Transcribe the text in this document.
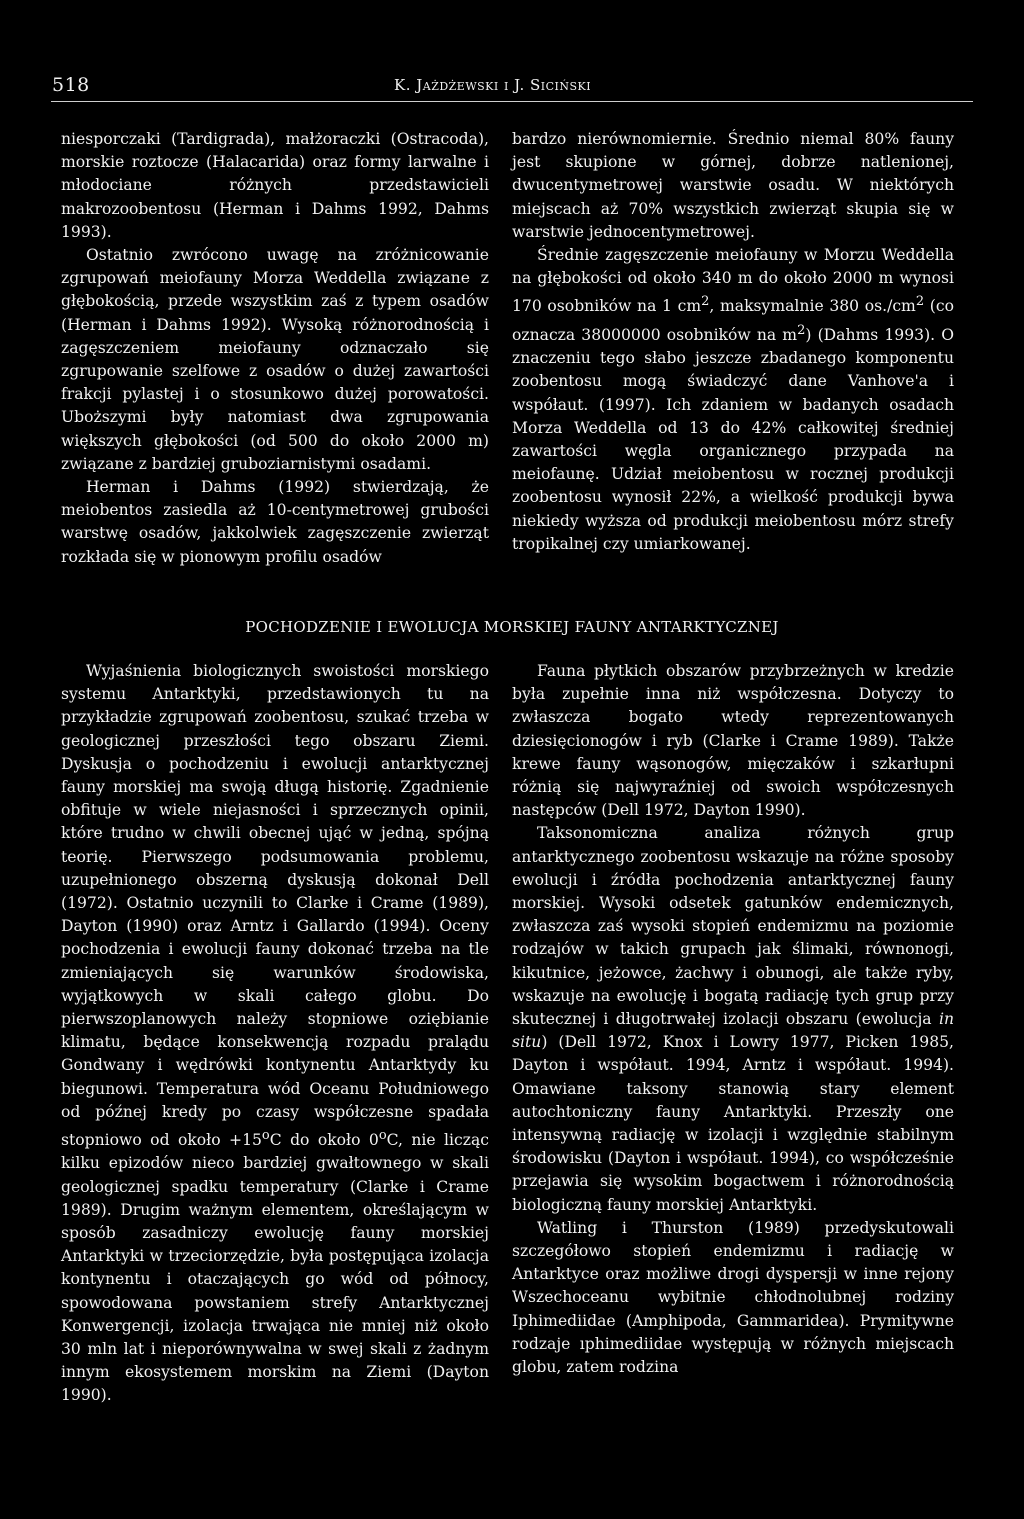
518	K. Jażdżewski i J. Siciński

niesporczaki (Tardigrada), małżoraczki (Ostracoda), morskie roztocze (Halacarida) oraz formy larwalne i młodociane różnych przedstawicieli makrozoobentosu (Herman i Dahms 1992, Dahms 1993).

Ostatnio zwrócono uwagę na zróżnicowanie zgrupowań meiofauny Morza Weddella związane z głębokością, przede wszystkim zaś z typem osadów (Herman i Dahms 1992). Wysoką różnorodnością i zagęszczeniem meiofauny odznaczało się zgrupowanie szelfowe z osadów o dużej zawartości frakcji pylastej i o stosunkowo dużej porowatości. Uboższymi były natomiast dwa zgrupowania większych głębokości (od 500 do około 2000 m) związane z bardziej gruboziarnistymi osadami.

Herman i Dahms (1992) stwierdzają, że meiobentos zasiedla aż 10-centymetrowej grubości warstwę osadów, jakkolwiek zagęszczenie zwierząt rozkłada się w pionowym profilu osadów

bardzo nierównomiernie. Średnio niemal 80% fauny jest skupione w górnej, dobrze natlenionej, dwucentymetrowej warstwie osadu. W niektórych miejscach aż 70% wszystkich zwierząt skupia się w warstwie jednocentymetrowej.

Średnie zagęszczenie meiofauny w Morzu Weddella na głębokości od około 340 m do około 2000 m wynosi 170 osobników na 1 $cm^2$, maksymalnie 380 $os./cm^2$ (co oznacza 38000000 osobników na $m^2$) (Dahms 1993). O znaczeniu tego słabo jeszcze zbadanego komponentu zoobentosu mogą świadczyć dane Vanhove'a i współaut. (1997). Ich zdaniem w badanych osadach Morza Weddella od 13 do 42% całkowitej średniej zawartości węgla organicznego przypada na meiofaunę. Udział meiobentosu w rocznej produkcji zoobentosu wynosił 22%, a wielkość produkcji bywa niekiedy wyższa od produkcji meiobentosu mórz strefy tropikalnej czy umiarkowanej.

POCHODZENIE I EWOLUCJA MORSKIEJ FAUNY ANTARKTYCZNEJ

Wyjaśnienia biologicznych swoistości morskiego systemu Antarktyki, przedstawionych tu na przykładzie zgrupowań zoobentosu, szukać trzeba w geologicznej przeszłości tego obszaru Ziemi. Dyskusja o pochodzeniu i ewolucji antarktycznej fauny morskiej ma swoją długą historię. Zgadnienie obfituje w wiele niejasności i sprzecznych opinii, które trudno w chwili obecnej ująć w jedną, spójną teorię. Pierwszego podsumowania problemu, uzupełnionego obszerną dyskusją dokonał Dell (1972). Ostatnio uczynili to Clarke i Crame (1989), Dayton (1990) oraz Arntz i Gallardo (1994). Oceny pochodzenia i ewolucji fauny dokonać trzeba na tle zmieniających się warunków środowiska, wyjątkowych w skali całego globu. Do pierwszoplanowych należy stopniowe oziębianie klimatu, będące konsekwencją rozpadu pralądu Gondwany i wędrówki kontynentu Antarktydy ku biegunowi. Temperatura wód Oceanu Południowego od późnej kredy po czasy współczesne spadała stopniowo od około $+15^oC$ do około 0$^o$C, nie licząc kilku epizodów nieco bardziej gwałtownego w skali geologicznej spadku temperatury (Clarke i Crame 1989). Drugim ważnym elementem, określającym w sposób zasadniczy ewolucję fauny morskiej Antarktyki w trzeciorzędzie, była postępująca izolacja kontynentu i otaczających go wód od północy, spowodowana powstaniem strefy Antarktycznej Konwergencji, izolacja trwająca nie mniej niż około 30 mln lat i nieporównywalna w swej skali z żadnym innym ekosystemem morskim na Ziemi (Dayton 1990).

Fauna płytkich obszarów przybrzeżnych w kredzie była zupełnie inna niż współczesna. Dotyczy to zwłaszcza bogato wtedy reprezentowanych dziesięcionogów i ryb (Clarke i Crame 1989). Także krewe fauny wąsonogów, mięczaków i szkarłupni różnią się najwyraźniej od swoich współczesnych następców (Dell 1972, Dayton 1990).

Taksonomiczna analiza różnych grup antarktycznego zoobentosu wskazuje na różne sposoby ewolucji i źródła pochodzenia antarktycznej fauny morskiej. Wysoki odsetek gatunków endemicznych, zwłaszcza zaś wysoki stopień endemizmu na poziomie rodzajów w takich grupach jak ślimaki, równonogi, kikutnice, jeżowce, żachwy i obunogi, ale także ryby, wskazuje na ewolucję i bogatą radiację tych grup przy skutecznej i długotrwałej izolacji obszaru (ewolucja in situ) (Dell 1972, Knox i Lowry 1977, Picken 1985, Dayton i współaut. 1994, Arntz i współaut. 1994). Omawiane taksony stanowią stary element autochtoniczny fauny Antarktyki. Przeszły one intensywną radiację w izolacji i względnie stabilnym środowisku (Dayton i współaut. 1994), co współcześnie przejawia się wysokim bogactwem i różnorodnością biologiczną fauny morskiej Antarktyki.

Watling i Thurston (1989) przedyskutowali szczegółowo stopień endemizmu i radiację w Antarktyce oraz możliwe drogi dyspersji w inne rejony Wszechoceanu wybitnie chłodnolubnej rodziny Iphimediidae (Amphipoda, Gammaridea). Prymitywne rodzaje ıphimediidae występują w różnych miejscach globu, zatem rodzina
